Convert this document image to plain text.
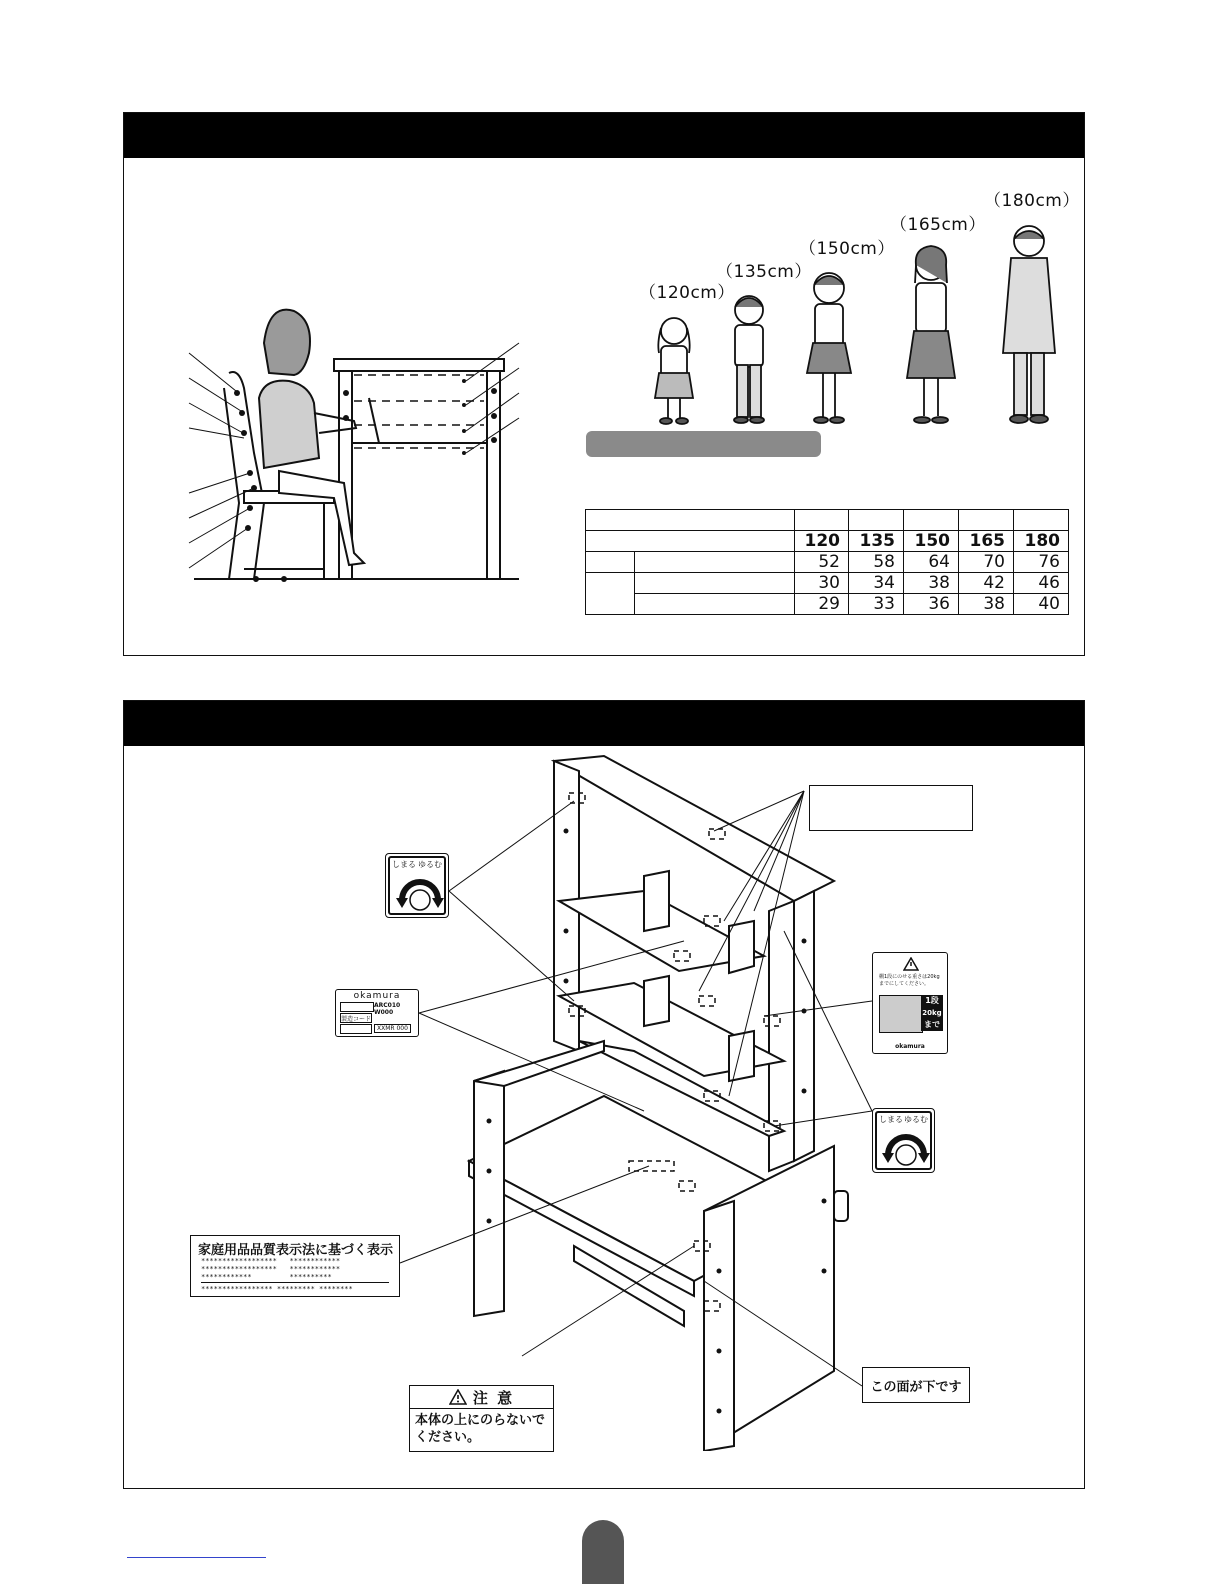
（120cm）
（135cm）
（150cm）
（165cm）
（180cm）

		120	135	150	165	180
		52	58	64	70	76
		30	34	38	42	46
		29	33	36	38	40
しまる ゆるむ
しまる ゆるむ
okamura
ARC010 W000
製造コード
XXMR 000
棚1段にのせる重さは20kgまでにしてください。
1段
20kg
まで
okamura
家庭用品品質表示法に基づく表示
****************** ************
****************** ************
************	**********
***************** ********* ********
注 意
本体の上にのらないでください。
この面が下です
